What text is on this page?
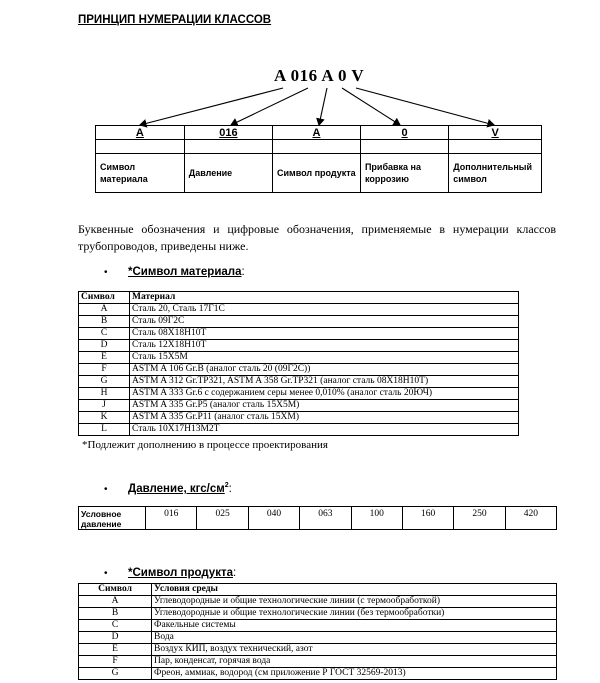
ПРИНЦИП НУМЕРАЦИИ КЛАССОВ
A 016 A 0 V
A	016	A	0	V

Символ материала	Давление	Символ продукта	Прибавка на коррозию	Дополнительный символ
Буквенные обозначения и цифровые обозначения, применяемые в нумерации классов трубопроводов, приведены ниже.
• *Символ материала:
Символ	Материал
A	Сталь 20, Сталь 17Г1С
B	Сталь 09Г2С
C	Сталь 08Х18Н10Т
D	Сталь 12Х18Н10Т
E	Сталь 15Х5М
F	ASTM A 106 Gr.B (аналог сталь 20 (09Г2С))
G	ASTM A 312 Gr.TP321, ASTM A 358 Gr.TP321 (аналог сталь 08Х18Н10Т)
H	ASTM A 333 Gr.6 с содержанием серы менее 0,010% (аналог сталь 20ЮЧ)
J	ASTM A 335 Gr.P5 (аналог сталь 15Х5М)
K	ASTM A 335 Gr.P11 (аналог сталь 15ХМ)
L	Сталь 10Х17Н13М2Т
*Подлежит дополнению в процессе проектирования
• Давление, кгс/$см^2$:
Условное давление	016	025	040	063	100	160	250	420
• *Символ продукта:
Символ	Условия среды
A	Углеводородные и общие технологические линии (с термообработкой)
B	Углеводородные и общие технологические линии (без термообработки)
C	Факельные системы
D	Вода
E	Воздух КИП, воздух технический, азот
F	Пар, конденсат, горячая вода
G	Фреон, аммиак, водород (см приложение Р ГОСТ 32569-2013)
